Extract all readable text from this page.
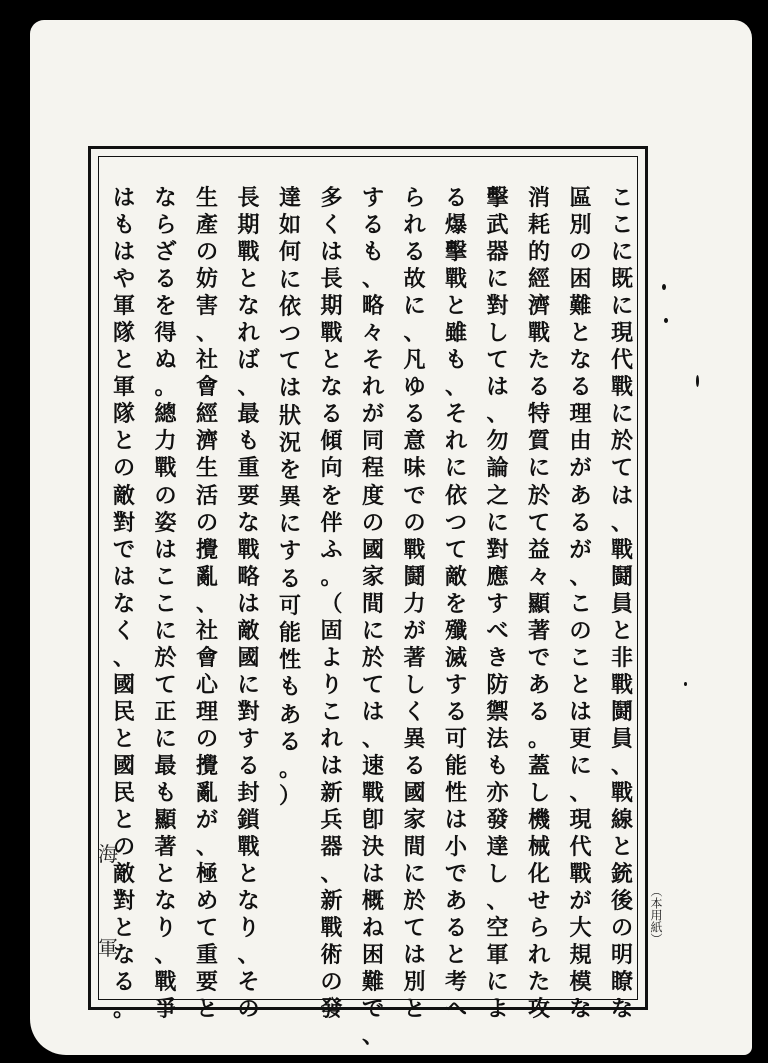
こ
こ
に
既
に
現
代
戰
に
於
て
は
、
戰
鬪
員
と
非
戰
鬪
員
、
戰
線
と
銃
後
の
明
瞭
な
區
別
の
困
難
と
な
る
理
由
が
あ
る
が
、
こ
の
こ
と
は
更
に
、
現
代
戰
が
大
規
模
な
消
耗
的
經
濟
戰
た
る
特
質
に
於
て
益
々
顯
著
で
あ
る
。
蓋
し
機
械
化
せ
ら
れ
た
攻
擊
武
器
に
對
し
て
は
、
勿
論
之
に
對
應
す
べ
き
防
禦
法
も
亦
發
達
し
、
空
軍
に
よ
る
爆
擊
戰
と
雖
も
、
そ
れ
に
依
つ
て
敵
を
殲
滅
す
る
可
能
性
は
小
で
あ
る
と
考
へ
ら
れ
る
故
に
、
凡
ゆ
る
意
味
で
の
戰
鬪
力
が
著
し
く
異
る
國
家
間
に
於
て
は
別
と
す
る
も
、
略
々
そ
れ
が
同
程
度
の
國
家
間
に
於
て
は
、
速
戰
卽
決
は
概
ね
困
難
で
、
多
く
は
長
期
戰
と
な
る
傾
向
を
伴
ふ
。
（
固
よ
り
こ
れ
は
新
兵
器
、
新
戰
術
の
發
達
如
何
に
依
つ
て
は
狀
況
を
異
に
す
る
可
能
性
も
あ
る
。
）
長
期
戰
と
な
れ
ば
、
最
も
重
要
な
戰
略
は
敵
國
に
對
す
る
封
鎖
戰
と
な
り
、
そ
の
生
產
の
妨
害
、
社
會
經
濟
生
活
の
攪
亂
、
社
會
心
理
の
攪
亂
が
、
極
め
て
重
要
と
な
ら
ざ
る
を
得
ぬ
。
總
力
戰
の
姿
は
こ
こ
に
於
て
正
に
最
も
顯
著
と
な
り
、
戰
爭
は
も
は
や
軍
隊
と
軍
隊
と
の
敵
對
で
は
な
く
、
國
民
と
國
民
と
の
敵
對
と
な
る
。
（本用紙）
海
軍
